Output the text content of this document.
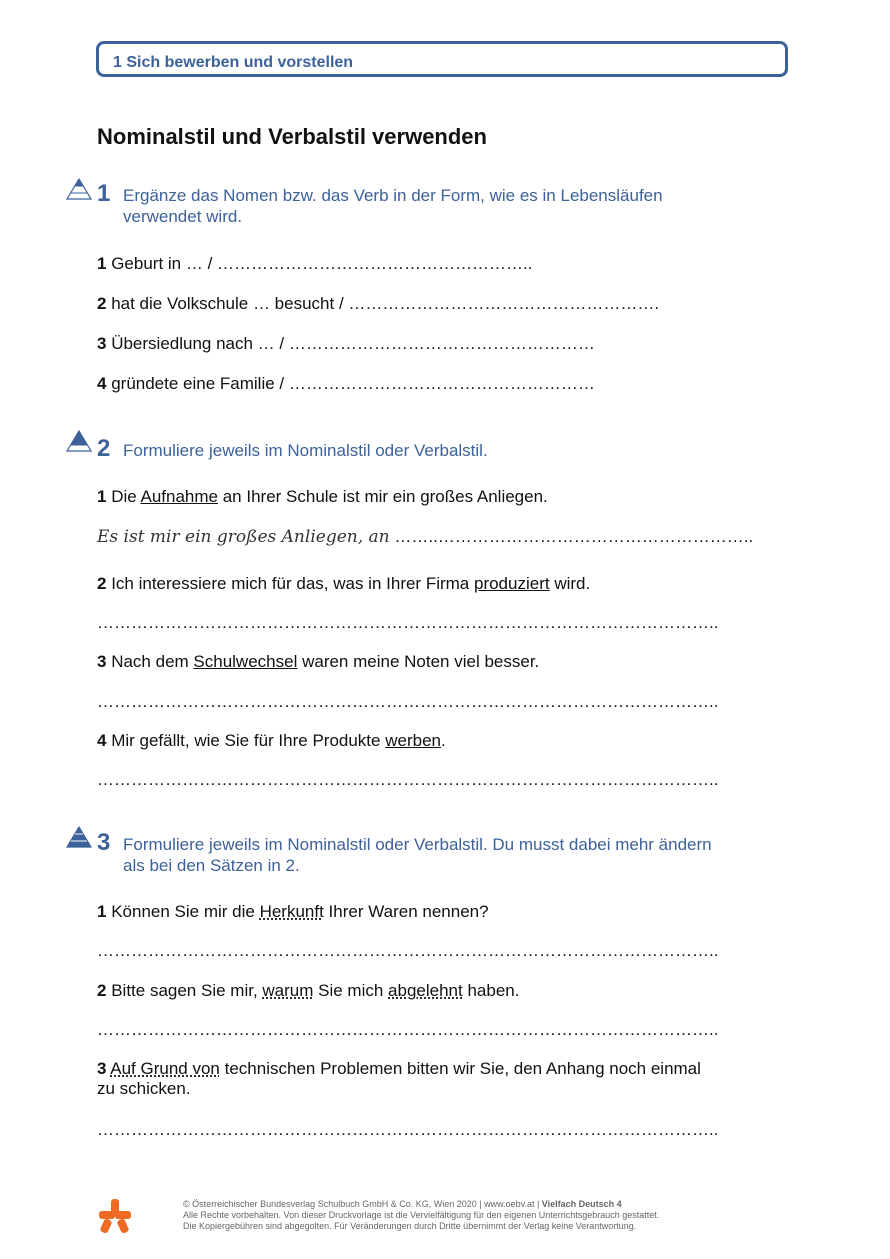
1 Sich bewerben und vorstellen
Nominalstil und Verbalstil verwenden
1 Ergänze das Nomen bzw. das Verb in der Form, wie es in Lebensläufen
verwendet wird.
1 Geburt in … / ………………………………………………..
2 hat die Volkschule … besucht / ……………………………………………….
3 Übersiedlung nach … / ………………………………………………
4 gründete eine Familie / ………………………………………………
2 Formuliere jeweils im Nominalstil oder Verbalstil.
1 Die Aufnahme an Ihrer Schule ist mir ein großes Anliegen.
Es ist mir ein großes Anliegen, an ……..………………………………………………..
2 Ich interessiere mich für das, was in Ihrer Firma produziert wird.
………………………………………………………………………………………………..
3 Nach dem Schulwechsel waren meine Noten viel besser.
………………………………………………………………………………………………..
4 Mir gefällt, wie Sie für Ihre Produkte werben.
………………………………………………………………………………………………..
3 Formuliere jeweils im Nominalstil oder Verbalstil. Du musst dabei mehr ändern
als bei den Sätzen in 2.
1 Können Sie mir die Herkunft Ihrer Waren nennen?
………………………………………………………………………………………………..
2 Bitte sagen Sie mir, warum Sie mich abgelehnt haben.
………………………………………………………………………………………………..
3 Auf Grund von technischen Problemen bitten wir Sie, den Anhang noch einmal
zu schicken.
………………………………………………………………………………………………..
© Österreichischer Bundesverlag Schulbuch GmbH & Co. KG, Wien 2020 | www.oebv.at | Vielfach Deutsch 4
Alle Rechte vorbehalten. Von dieser Druckvorlage ist die Vervielfältigung für den eigenen Unterrichtsgebrauch gestattet.
Die Kopiergebühren sind abgegolten. Für Veränderungen durch Dritte übernimmt der Verlag keine Verantwortung.
